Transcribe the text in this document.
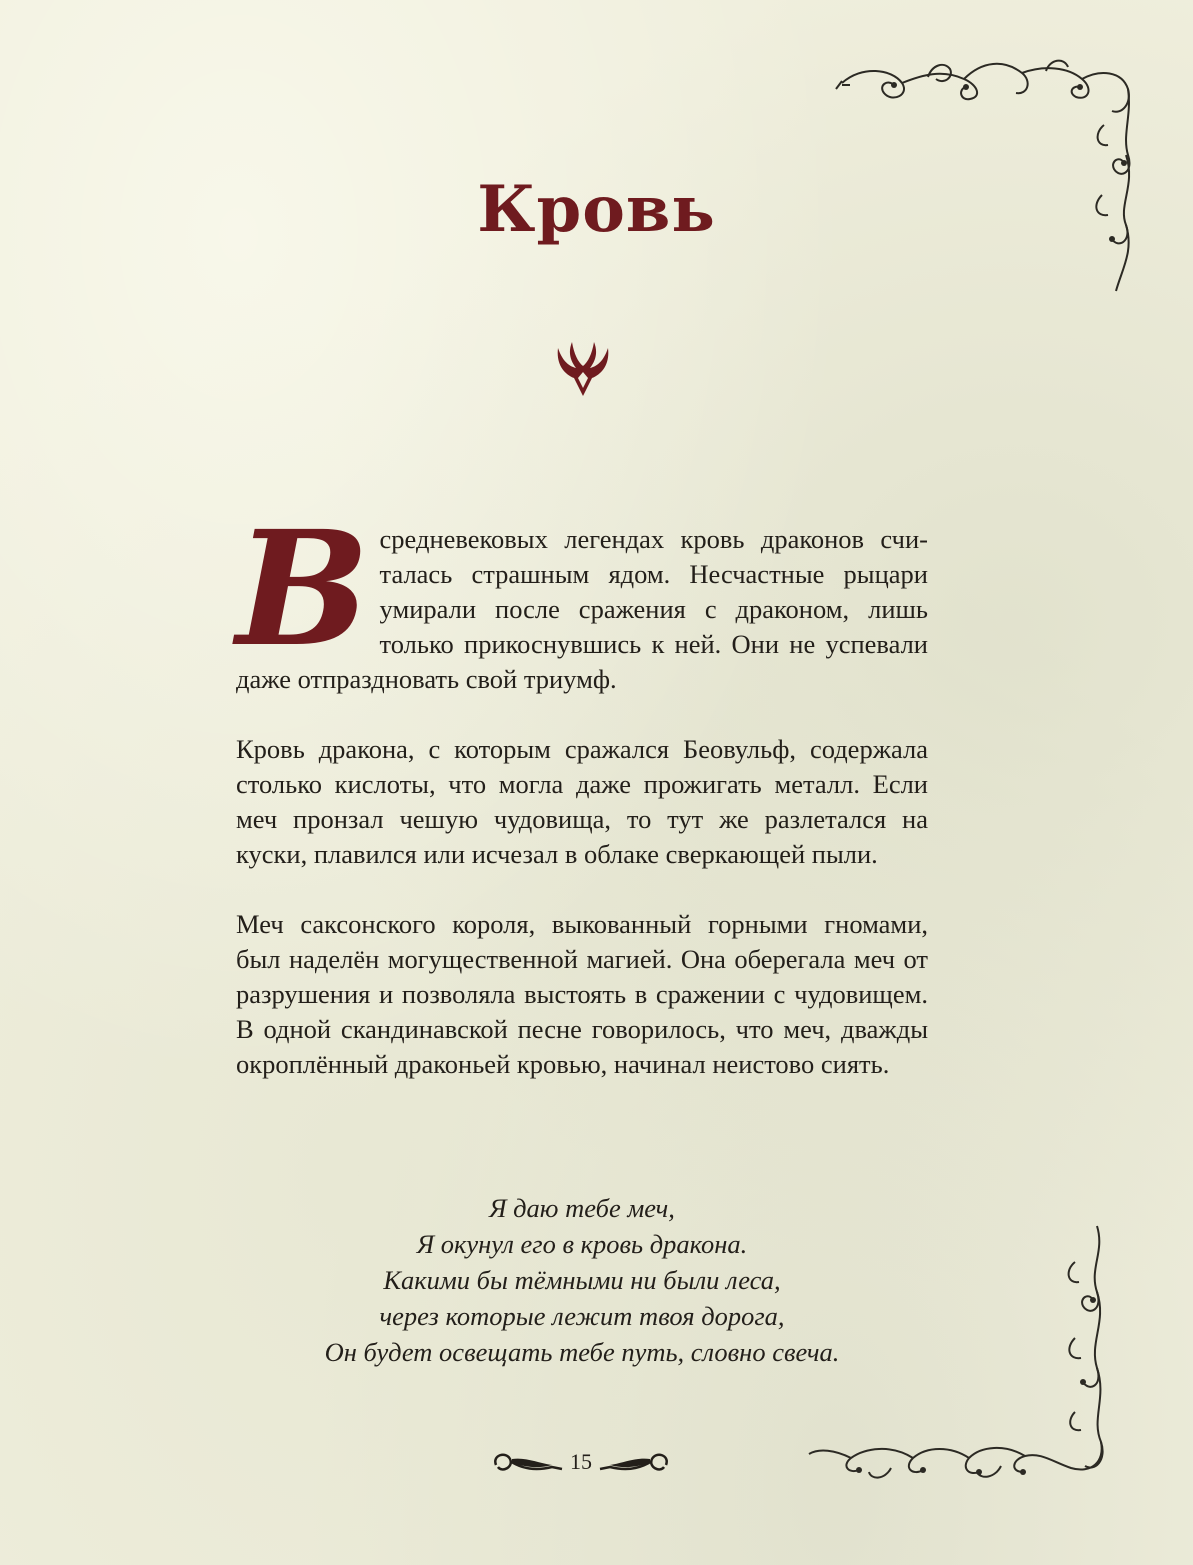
Кровь

В средневековых легендах кровь драконов считалась страшным ядом. Несчастные рыцари умирали после сражения с драконом, лишь только прикоснувшись к ней. Они не успевали даже отпраздновать свой триумф.

Кровь дракона, с которым сражался Беовульф, содержала столько кислоты, что могла даже прожигать металл. Если меч пронзал чешую чудовища, то тут же разлетался на куски, плавился или исчезал в облаке сверкающей пыли.

Меч саксонского короля, выкованный горными гномами, был наделён могущественной магией. Она оберегала меч от разрушения и позволяла выстоять в сражении с чудовищем. В одной скандинавской песне говорилось, что меч, дважды окроплённый драконьей кровью, начинал неистово сиять.

Я даю тебе меч,
Я окунул его в кровь дракона.
Какими бы тёмными ни были леса,
через которые лежит твоя дорога,
Он будет освещать тебе путь, словно свеча.
15
